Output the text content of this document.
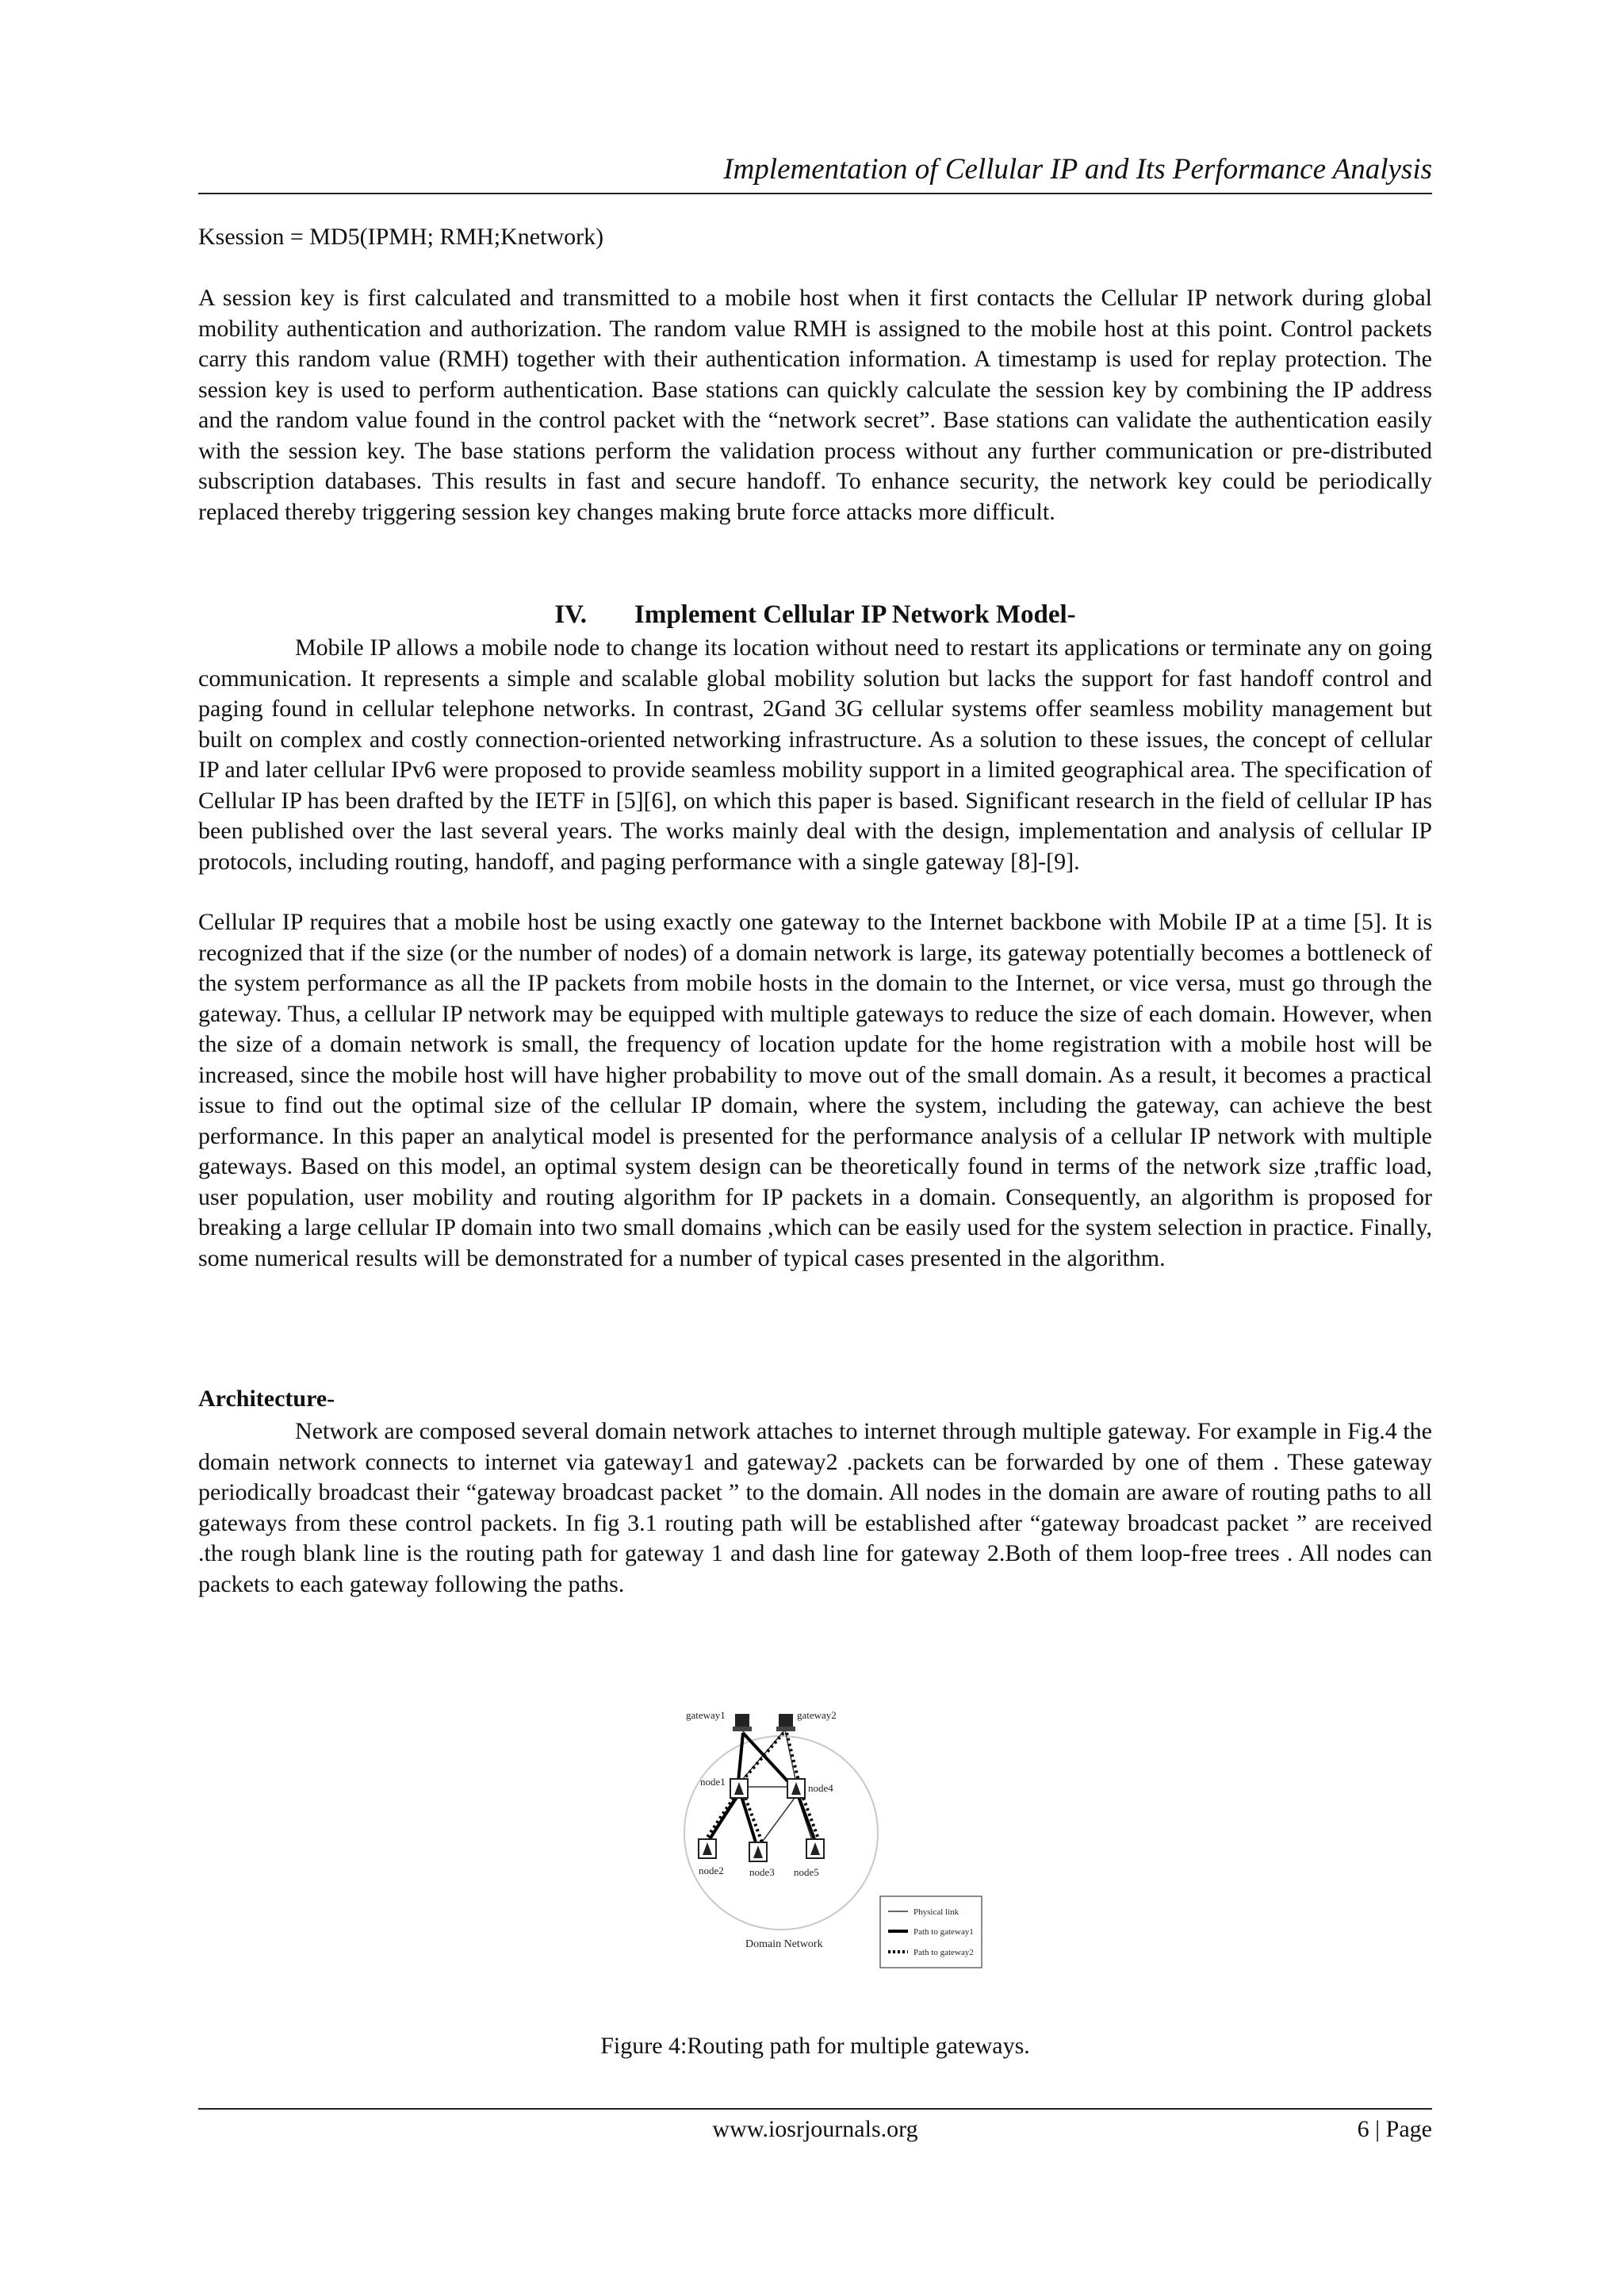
Implementation of Cellular IP and Its Performance Analysis
Ksession = MD5(IPMH; RMH;Knetwork)

A session key is first calculated and transmitted to a mobile host when it first contacts the Cellular IP network during global mobility authentication and authorization. The random value RMH is assigned to the mobile host at this point. Control packets carry this random value (RMH) together with their authentication information. A timestamp is used for replay protection. The session key is used to perform authentication. Base stations can quickly calculate the session key by combining the IP address and the random value found in the control packet with the “network secret”. Base stations can validate the authentication easily with the session key. The base stations perform the validation process without any further communication or pre-distributed subscription databases. This results in fast and secure handoff. To enhance security, the network key could be periodically replaced thereby triggering session key changes making brute force attacks more difficult.

IV. Implement Cellular IP Network Model-

Mobile IP allows a mobile node to change its location without need to restart its applications or terminate any on going communication. It represents a simple and scalable global mobility solution but lacks the support for fast handoff control and paging found in cellular telephone networks. In contrast, 2Gand 3G cellular systems offer seamless mobility management but built on complex and costly connection-oriented networking infrastructure. As a solution to these issues, the concept of cellular IP and later cellular IPv6 were proposed to provide seamless mobility support in a limited geographical area. The specification of Cellular IP has been drafted by the IETF in [5][6], on which this paper is based. Significant research in the field of cellular IP has been published over the last several years. The works mainly deal with the design, implementation and analysis of cellular IP protocols, including routing, handoff, and paging performance with a single gateway [8]-[9].

Cellular IP requires that a mobile host be using exactly one gateway to the Internet backbone with Mobile IP at a time [5]. It is recognized that if the size (or the number of nodes) of a domain network is large, its gateway potentially becomes a bottleneck of the system performance as all the IP packets from mobile hosts in the domain to the Internet, or vice versa, must go through the gateway. Thus, a cellular IP network may be equipped with multiple gateways to reduce the size of each domain. However, when the size of a domain network is small, the frequency of location update for the home registration with a mobile host will be increased, since the mobile host will have higher probability to move out of the small domain. As a result, it becomes a practical issue to find out the optimal size of the cellular IP domain, where the system, including the gateway, can achieve the best performance. In this paper an analytical model is presented for the performance analysis of a cellular IP network with multiple gateways. Based on this model, an optimal system design can be theoretically found in terms of the network size ,traffic load, user population, user mobility and routing algorithm for IP packets in a domain. Consequently, an algorithm is proposed for breaking a large cellular IP domain into two small domains ,which can be easily used for the system selection in practice. Finally, some numerical results will be demonstrated for a number of typical cases presented in the algorithm.

Architecture-

Network are composed several domain network attaches to internet through multiple gateway. For example in Fig.4 the domain network connects to internet via gateway1 and gateway2 .packets can be forwarded by one of them . These gateway periodically broadcast their “gateway broadcast packet ” to the domain. All nodes in the domain are aware of routing paths to all gateways from these control packets. In fig 3.1 routing path will be established after “gateway broadcast packet ” are received .the rough blank line is the routing path for gateway 1 and dash line for gateway 2.Both of them loop-free trees . All nodes can packets to each gateway following the paths.

gateway1	gateway2
node1
node4
node2 node3 node5
Domain Network
Physical link
Path to gateway1
Path to gateway2
Figure 4:Routing path for multiple gateways.
www.iosrjournals.org	6 | Page
